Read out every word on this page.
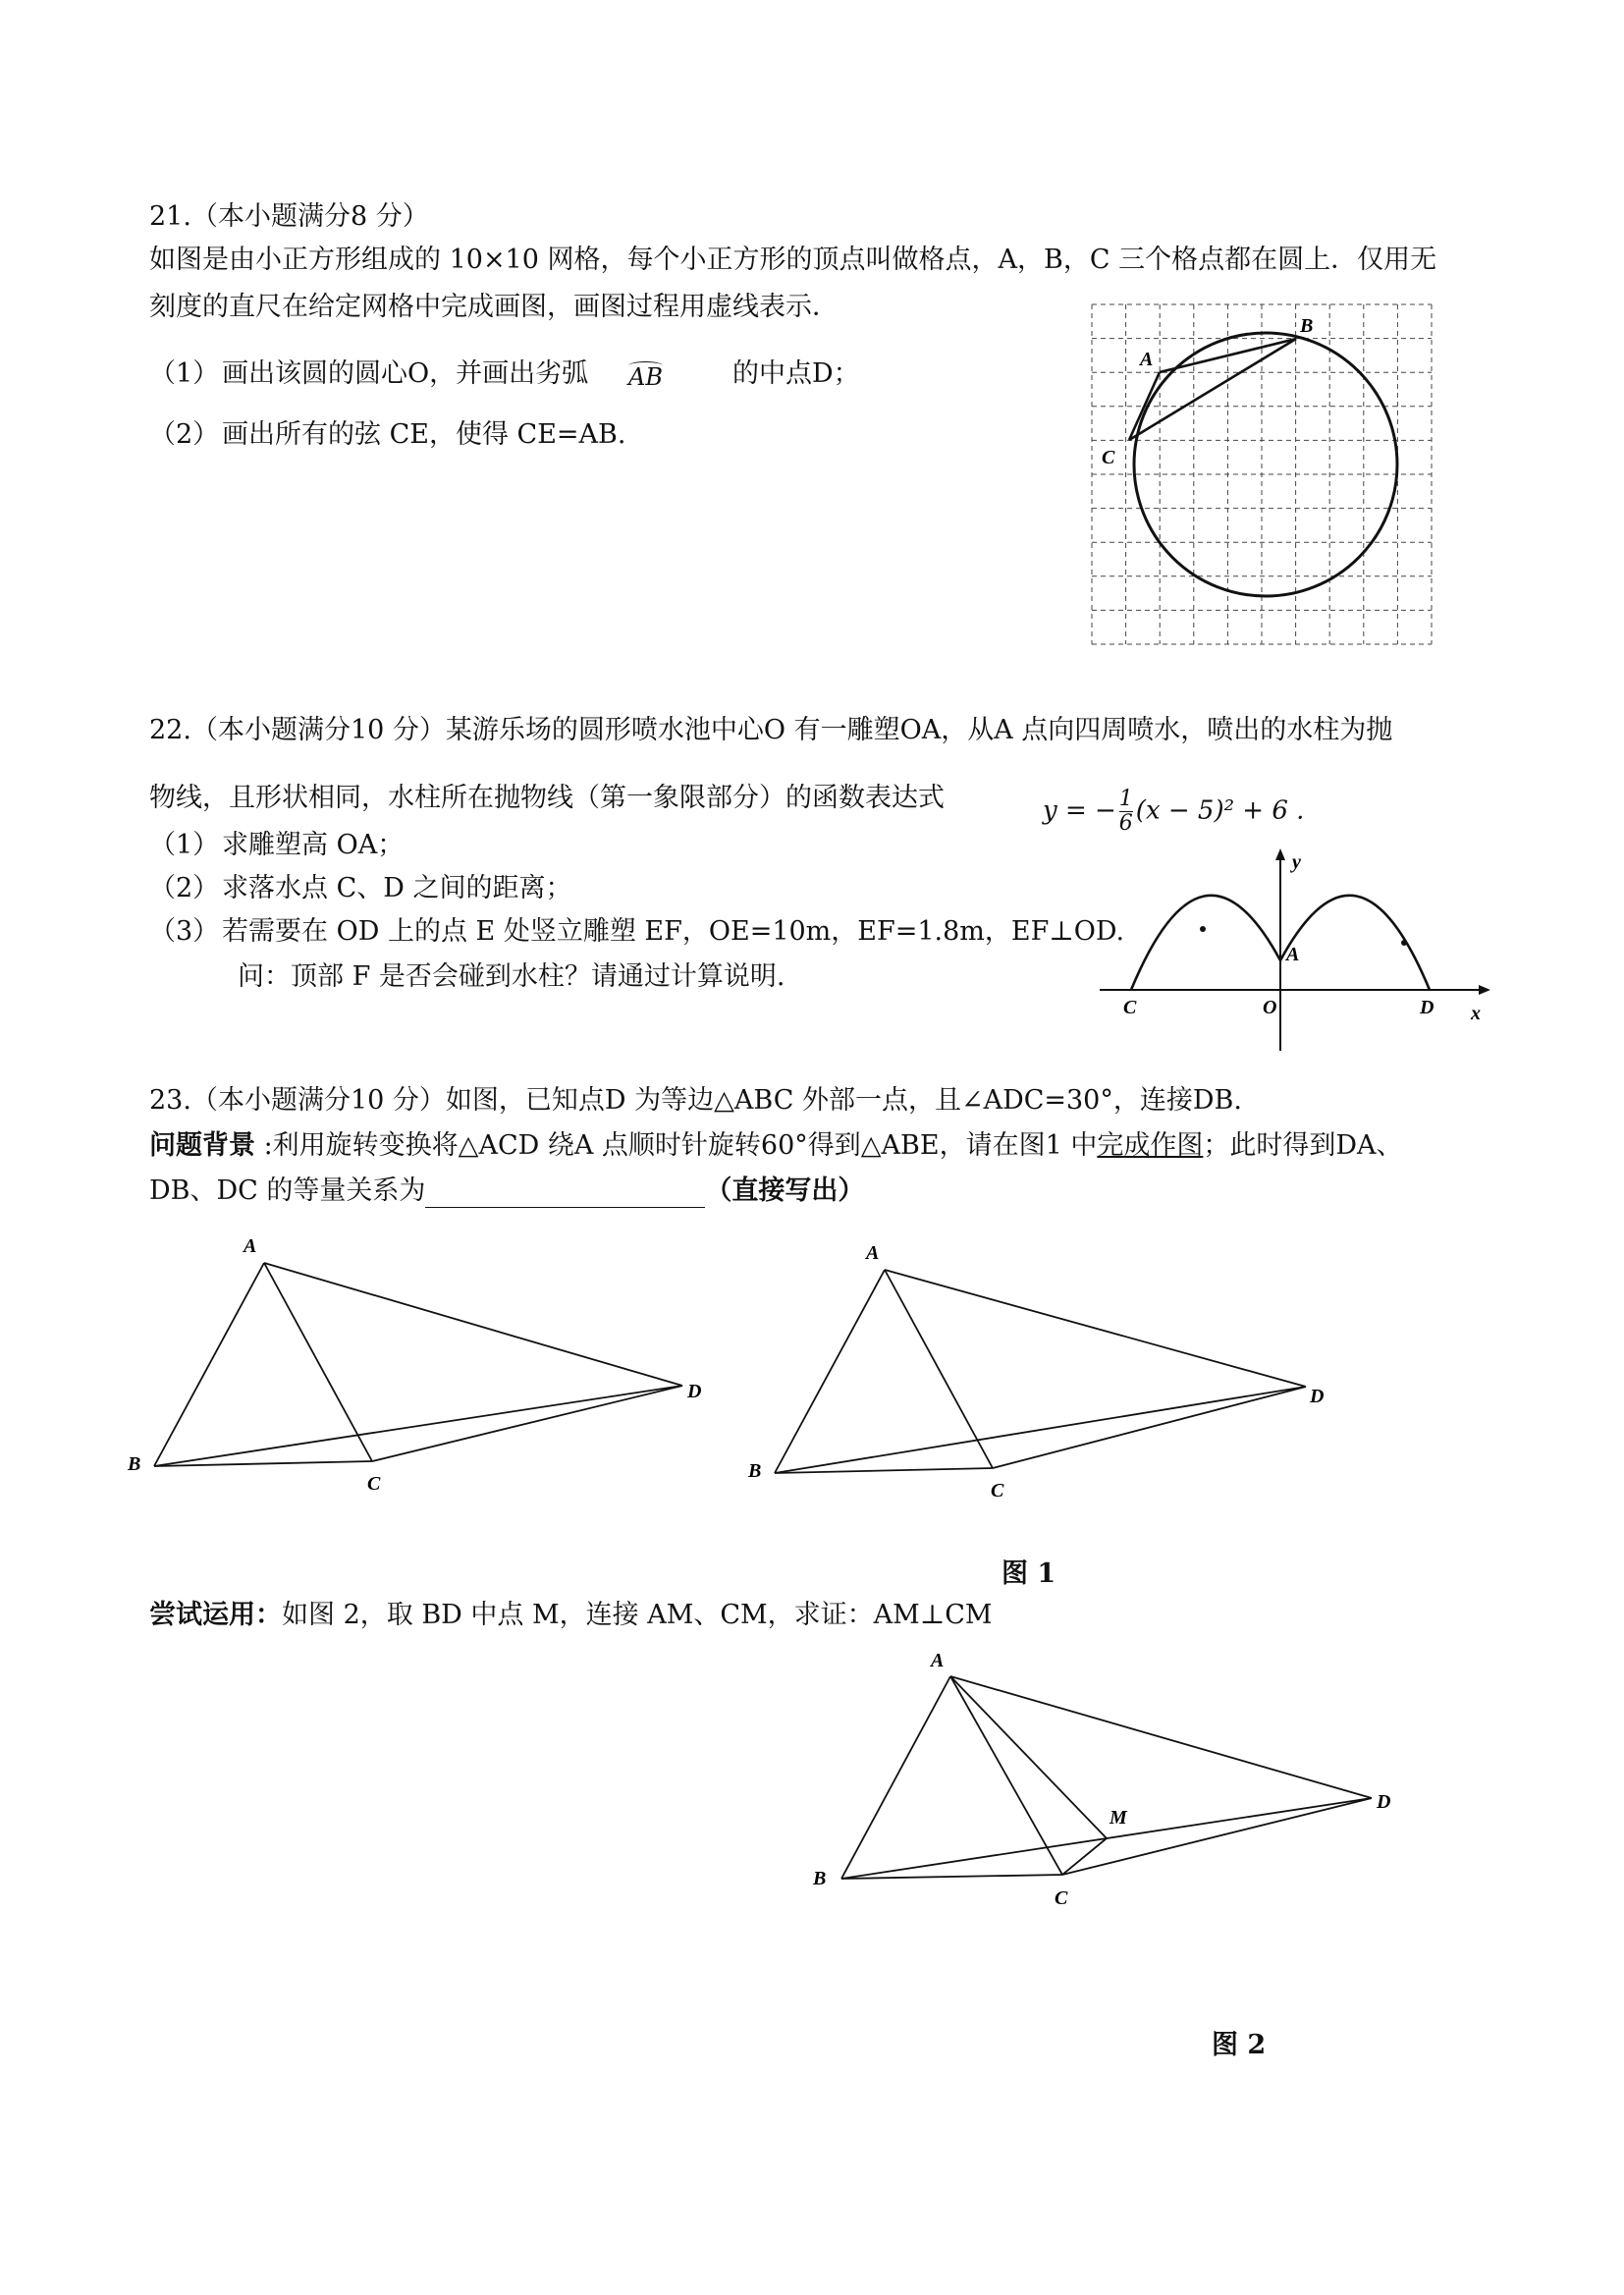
21.（本小题满分8 分）
如图是由小正方形组成的 10×10 网格，每个小正方形的顶点叫做格点，A，B，C 三个格点都在圆上．仅用无
刻度的直尺在给定网格中完成画图，画图过程用虚线表示．
（1） 画出该圆的圆心O，并画出劣弧 AB	的中点D；
（2） 画出所有的弦 CE，使得 CE=AB.
A
B
C
22.（本小题满分10 分）某游乐场的圆形喷水池中心O 有一雕塑OA，从A 点向四周喷水，喷出的水柱为抛
物线，且形状相同，水柱所在抛物线（第一象限部分）的函数表达式	y = − $\frac{1}{6} (x - 5)^2 + 6$ .
（1） 求雕塑高 OA；
（2） 求落水点 C、D 之间的距离；
（3） 若需要在 OD 上的点 E 处竖立雕塑 EF，OE=10m，EF=1.8m，EF⊥OD.
问：顶部 F 是否会碰到水柱？请通过计算说明.
y
x
A
O
C	D
23.（本小题满分10 分）如图，已知点D 为等边△ABC 外部一点，且∠ADC=30°，连接DB.
问题背景 :利用旋转变换将△ACD 绕A 点顺时针旋转60°得到△ABE，请在图1 中完成作图；此时得到DA、
DB、DC 的等量关系为	（直接写出）
A
B
C
D
A
B
C
D
图 1
尝试运用：如图 2，取 BD 中点 M，连接 AM、CM，求证：AM⊥CM
A
B
C
D
M
图 2
